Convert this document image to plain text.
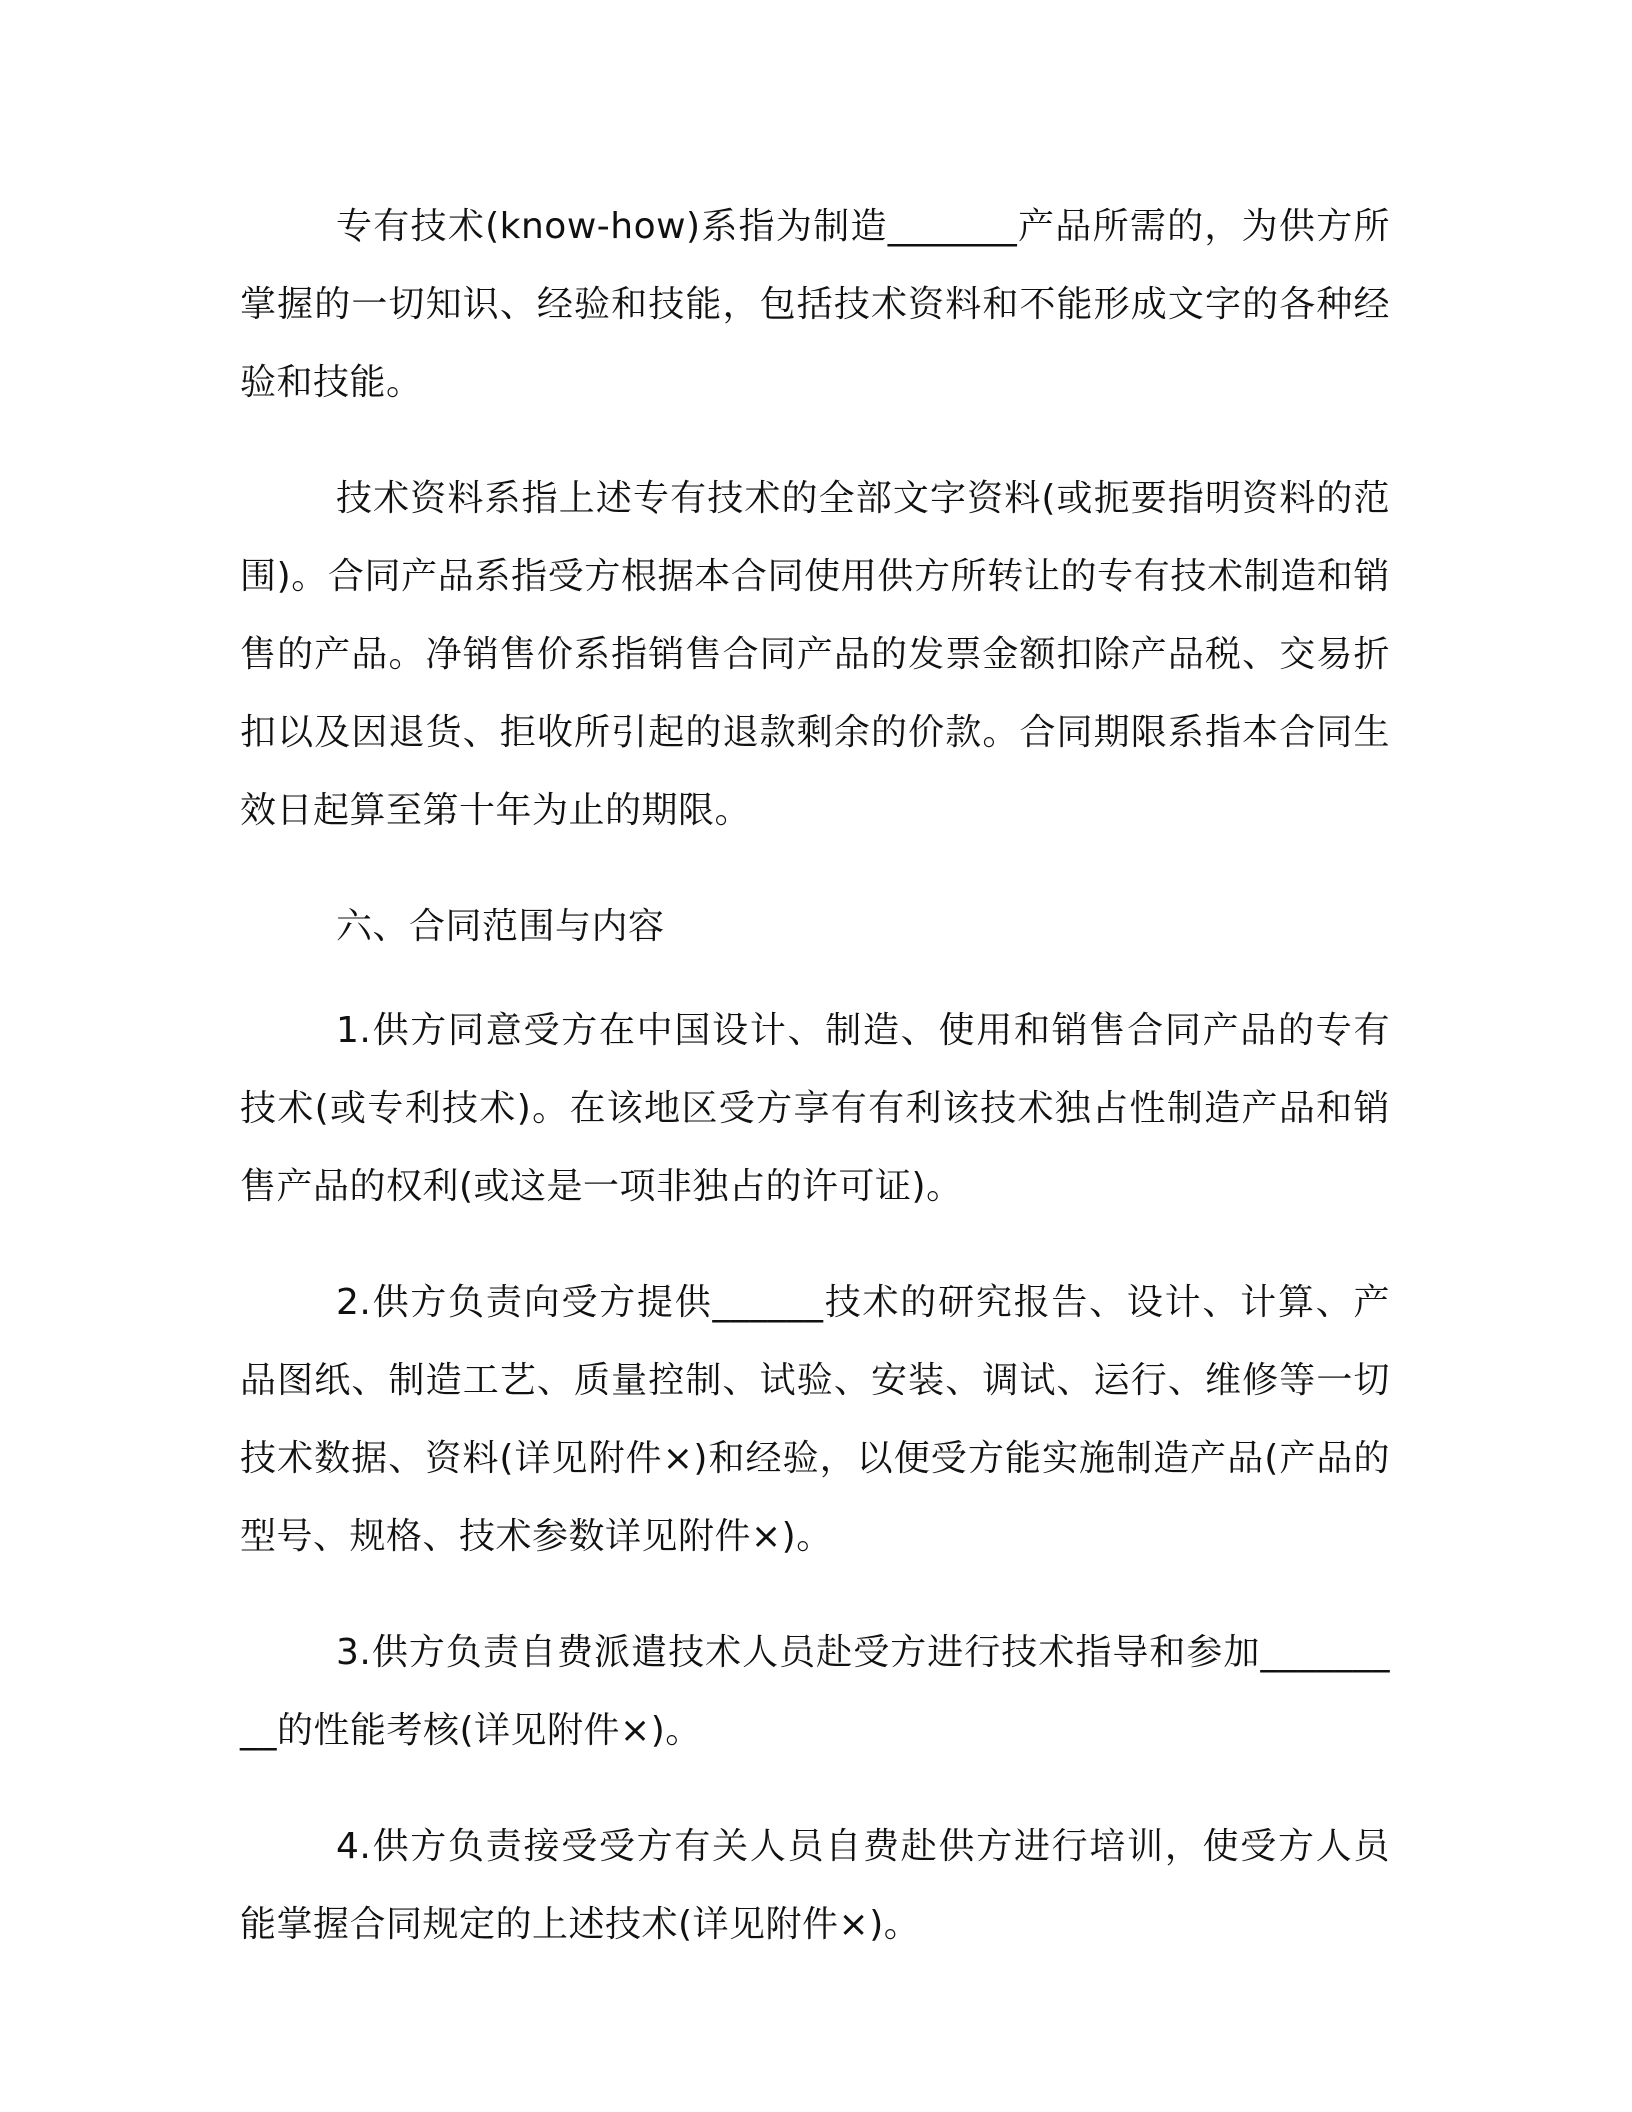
专有技术(know-how)系指为制造_______产品所需的，为供方所掌握的一切知识、经验和技能，包括技术资料和不能形成文字的各种经验和技能。

技术资料系指上述专有技术的全部文字资料(或扼要指明资料的范围)。合同产品系指受方根据本合同使用供方所转让的专有技术制造和销售的产品。净销售价系指销售合同产品的发票金额扣除产品税、交易折扣以及因退货、拒收所引起的退款剩余的价款。合同期限系指本合同生效日起算至第十年为止的期限。

六、合同范围与内容

1.供方同意受方在中国设计、制造、使用和销售合同产品的专有技术(或专利技术)。在该地区受方享有有利该技术独占性制造产品和销售产品的权利(或这是一项非独占的许可证)。

2.供方负责向受方提供______技术的研究报告、设计、计算、产品图纸、制造工艺、质量控制、试验、安装、调试、运行、维修等一切技术数据、资料(详见附件×)和经验，以便受方能实施制造产品(产品的型号、规格、技术参数详见附件×)。

3.供方负责自费派遣技术人员赴受方进行技术指导和参加_________的性能考核(详见附件×)。

4.供方负责接受受方有关人员自费赴供方进行培训，使受方人员能掌握合同规定的上述技术(详见附件×)。
